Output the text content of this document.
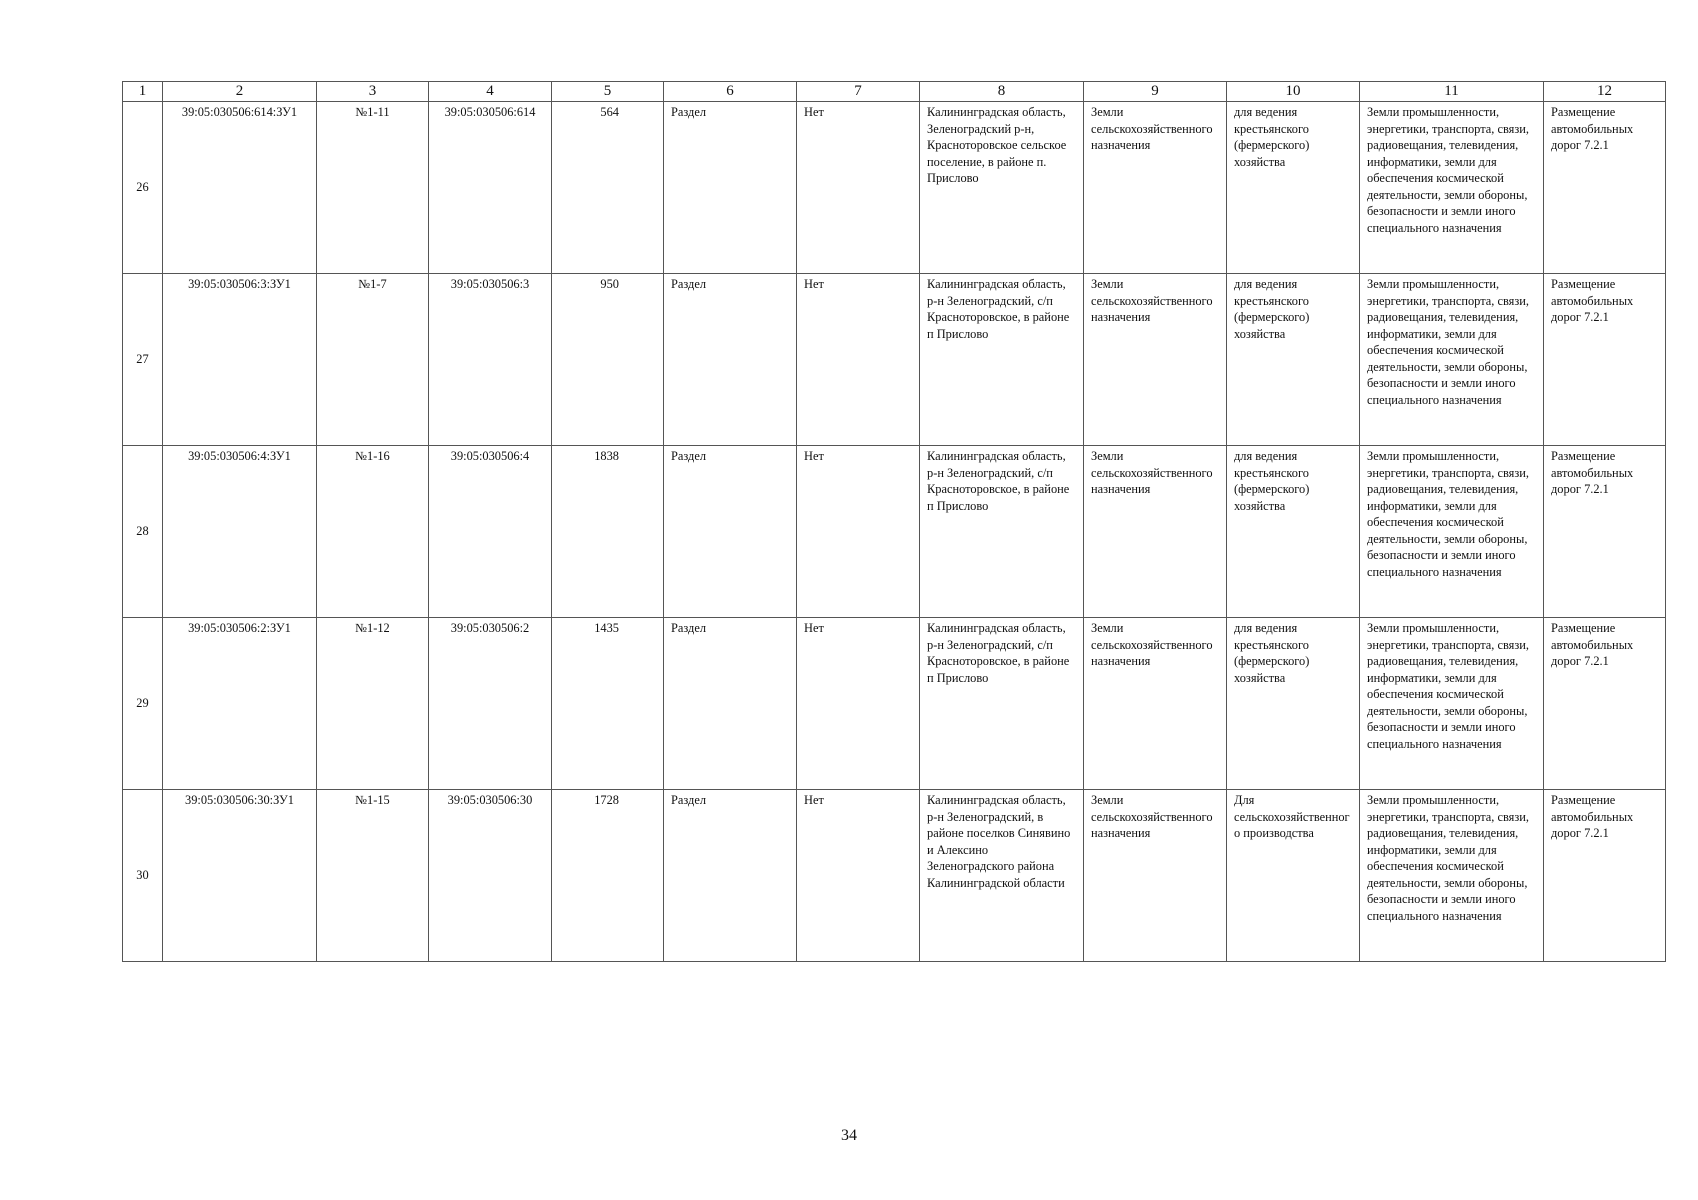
1	2	3	4	5	6	7	8	9	10	11	12
26	39:05:030506:614:ЗУ1	№1-11	39:05:030506:614	564	Раздел	Нет	Калининградская область, Зеленоградский р-н, Красноторовское сельское поселение, в районе п. Прислово	Земли сельскохозяйственного назначения	для ведения крестьянского (фермерского) хозяйства	Земли промышленности, энергетики, транспорта, связи, радиовещания, телевидения, информатики, земли для обеспечения космической деятельности, земли обороны, безопасности и земли иного специального назначения	Размещение автомобильных дорог 7.2.1
27	39:05:030506:3:ЗУ1	№1-7	39:05:030506:3	950	Раздел	Нет	Калининградская область, р-н Зеленоградский, с/п Красноторовское, в районе п Прислово	Земли сельскохозяйственного назначения	для ведения крестьянского (фермерского) хозяйства	Земли промышленности, энергетики, транспорта, связи, радиовещания, телевидения, информатики, земли для обеспечения космической деятельности, земли обороны, безопасности и земли иного специального назначения	Размещение автомобильных дорог 7.2.1
28	39:05:030506:4:ЗУ1	№1-16	39:05:030506:4	1838	Раздел	Нет	Калининградская область, р-н Зеленоградский, с/п Красноторовское, в районе п Прислово	Земли сельскохозяйственного назначения	для ведения крестьянского (фермерского) хозяйства	Земли промышленности, энергетики, транспорта, связи, радиовещания, телевидения, информатики, земли для обеспечения космической деятельности, земли обороны, безопасности и земли иного специального назначения	Размещение автомобильных дорог 7.2.1
29	39:05:030506:2:ЗУ1	№1-12	39:05:030506:2	1435	Раздел	Нет	Калининградская область, р-н Зеленоградский, с/п Красноторовское, в районе п Прислово	Земли сельскохозяйственного назначения	для ведения крестьянского (фермерского) хозяйства	Земли промышленности, энергетики, транспорта, связи, радиовещания, телевидения, информатики, земли для обеспечения космической деятельности, земли обороны, безопасности и земли иного специального назначения	Размещение автомобильных дорог 7.2.1
30	39:05:030506:30:ЗУ1	№1-15	39:05:030506:30	1728	Раздел	Нет	Калининградская область, р-н Зеленоградский, в районе поселков Синявино и Алексино Зеленоградского района Калининградской области	Земли сельскохозяйственного назначения	Для сельскохозяйственного производства	Земли промышленности, энергетики, транспорта, связи, радиовещания, телевидения, информатики, земли для обеспечения космической деятельности, земли обороны, безопасности и земли иного специального назначения	Размещение автомобильных дорог 7.2.1
34
